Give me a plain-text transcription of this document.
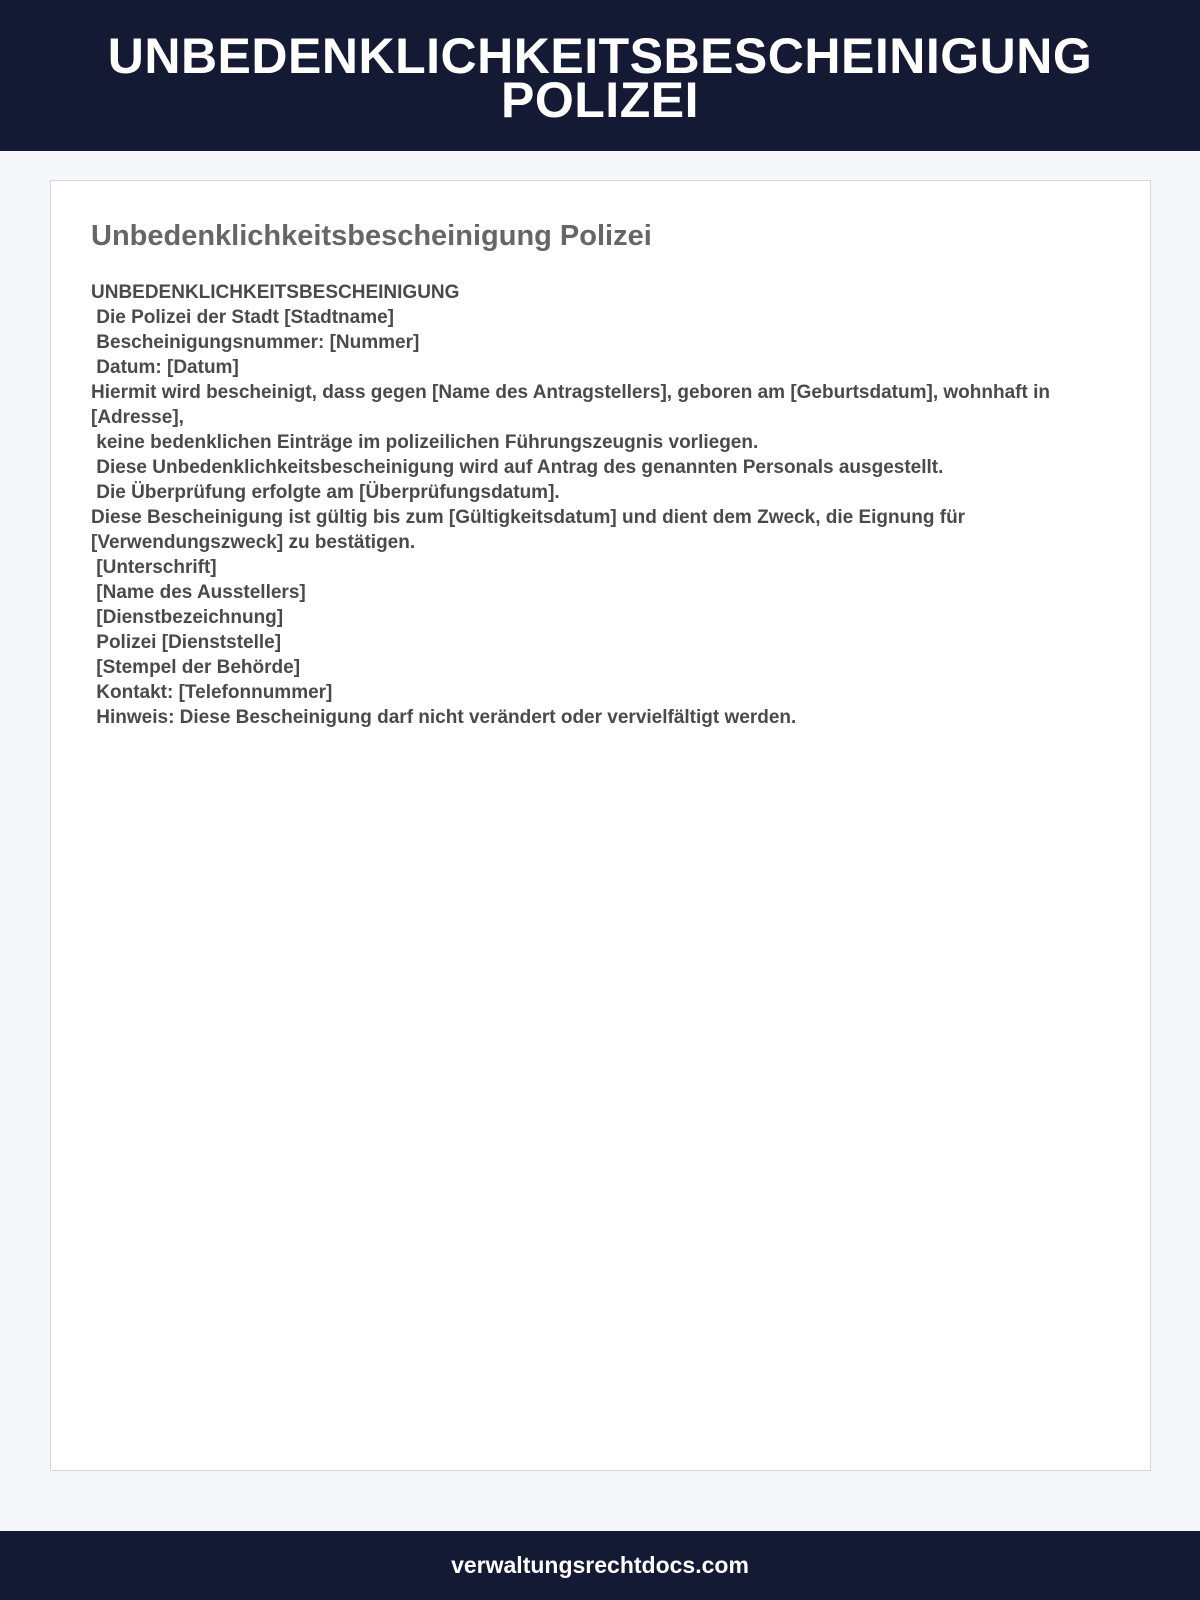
UNBEDENKLICHKEITSBESCHEINIGUNG POLIZEI
Unbedenklichkeitsbescheinigung Polizei

UNBEDENKLICHKEITSBESCHEINIGUNG
Die Polizei der Stadt [Stadtname]
Bescheinigungsnummer: [Nummer]
Datum: [Datum]
Hiermit wird bescheinigt, dass gegen [Name des Antragstellers], geboren am [Geburtsdatum], wohnhaft in [Adresse],
keine bedenklichen Einträge im polizeilichen Führungszeugnis vorliegen.
Diese Unbedenklichkeitsbescheinigung wird auf Antrag des genannten Personals ausgestellt.
Die Überprüfung erfolgte am [Überprüfungsdatum].
Diese Bescheinigung ist gültig bis zum [Gültigkeitsdatum] und dient dem Zweck, die Eignung für [Verwendungszweck] zu bestätigen.
[Unterschrift]
[Name des Ausstellers]
[Dienstbezeichnung]
Polizei [Dienststelle]
[Stempel der Behörde]
Kontakt: [Telefonnummer]
Hinweis: Diese Bescheinigung darf nicht verändert oder vervielfältigt werden.

verwaltungsrechtdocs.com
